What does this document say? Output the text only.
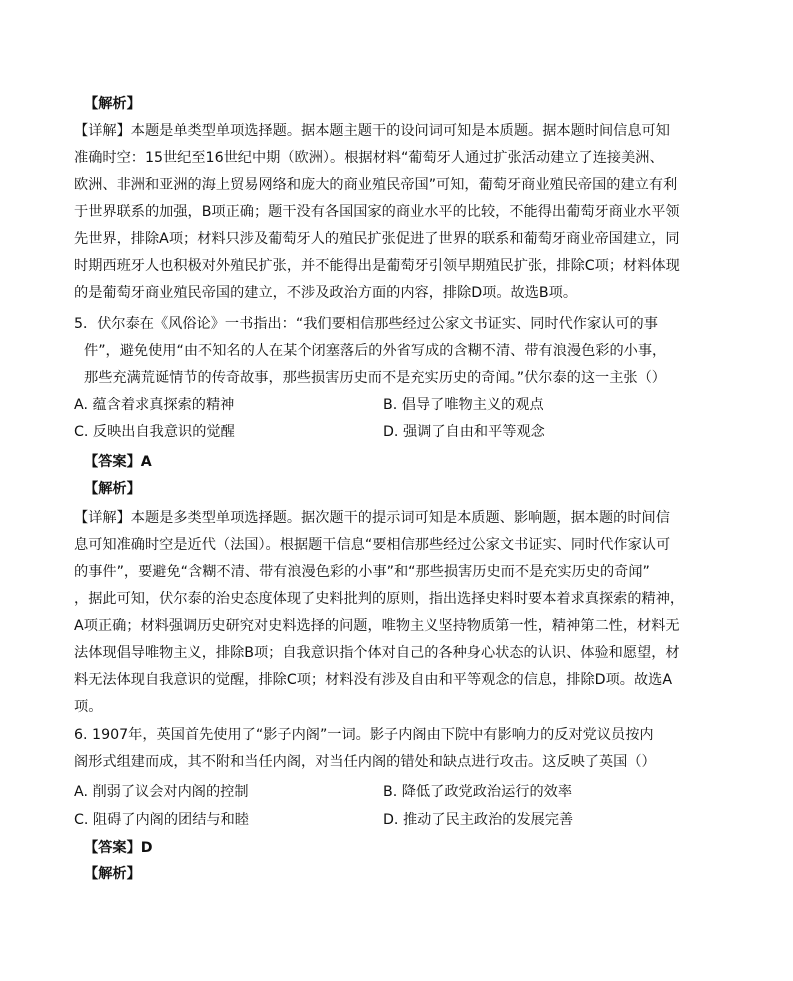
【解析】
【详解】本题是单类型单项选择题。据本题主题干的设问词可知是本质题。据本题时间信息可知
准确时空：15世纪至16世纪中期（欧洲）。根据材料“葡萄牙人通过扩张活动建立了连接美洲、
欧洲、非洲和亚洲的海上贸易网络和庞大的商业殖民帝国”可知，葡萄牙商业殖民帝国的建立有利
于世界联系的加强，B项正确；题干没有各国国家的商业水平的比较，不能得出葡萄牙商业水平领
先世界，排除A项；材料只涉及葡萄牙人的殖民扩张促进了世界的联系和葡萄牙商业帝国建立，同
时期西班牙人也积极对外殖民扩张，并不能得出是葡萄牙引领早期殖民扩张，排除C项；材料体现
的是葡萄牙商业殖民帝国的建立，不涉及政治方面的内容，排除D项。故选B项。
5．伏尔泰在《风俗论》一书指出：“我们要相信那些经过公家文书证实、同时代作家认可的事
件”，避免使用“由不知名的人在某个闭塞落后的外省写成的含糊不清、带有浪漫色彩的小事，
那些充满荒诞情节的传奇故事，那些损害历史而不是充实历史的奇闻。”伏尔泰的这一主张（）
A. 蕴含着求真探索的精神	B. 倡导了唯物主义的观点
C. 反映出自我意识的觉醒	D. 强调了自由和平等观念
【答案】A
【解析】
【详解】本题是多类型单项选择题。据次题干的提示词可知是本质题、影响题，据本题的时间信
息可知准确时空是近代（法国）。根据题干信息“要相信那些经过公家文书证实、同时代作家认可
的事件”，要避免“含糊不清、带有浪漫色彩的小事”和“那些损害历史而不是充实历史的奇闻”
，据此可知，伏尔泰的治史态度体现了史料批判的原则，指出选择史料时要本着求真探索的精神，
A项正确；材料强调历史研究对史料选择的问题，唯物主义坚持物质第一性，精神第二性，材料无
法体现倡导唯物主义，排除B项；自我意识指个体对自己的各种身心状态的认识、体验和愿望，材
料无法体现自我意识的觉醒，排除C项；材料没有涉及自由和平等观念的信息，排除D项。故选A
项。
6. 1907年，英国首先使用了“影子内阁”一词。影子内阁由下院中有影响力的反对党议员按内
阁形式组建而成，其不附和当任内阁，对当任内阁的错处和缺点进行攻击。这反映了英国（）
A. 削弱了议会对内阁的控制	B. 降低了政党政治运行的效率
C. 阻碍了内阁的团结与和睦	D. 推动了民主政治的发展完善
【答案】D
【解析】
